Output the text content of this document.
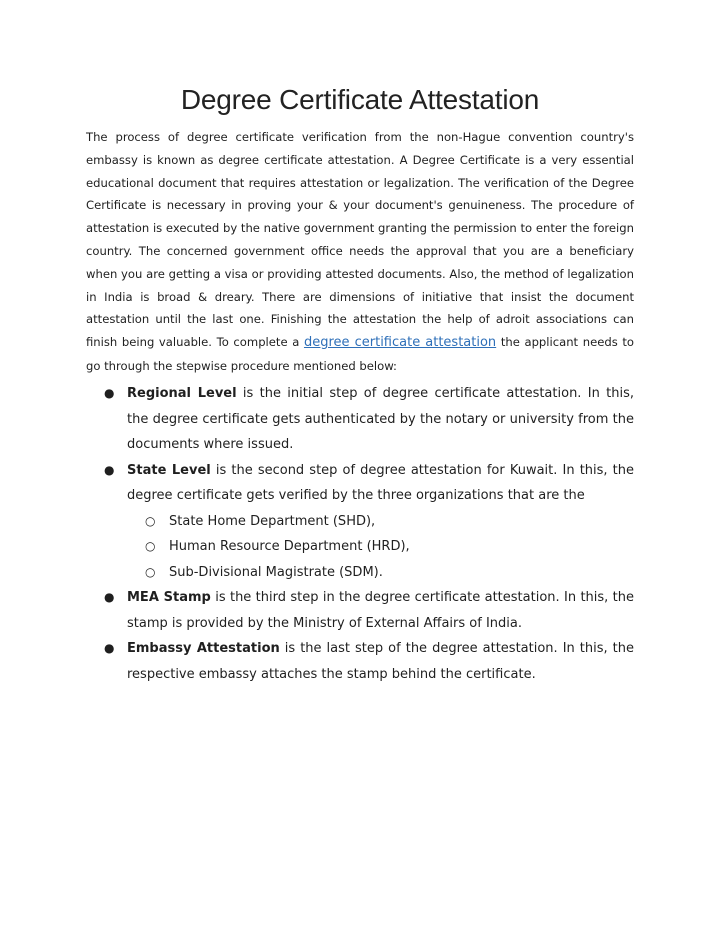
Degree Certificate Attestation

The process of degree certificate verification from the non-Hague convention country's embassy is known as degree certificate attestation. A Degree Certificate is a very essential educational document that requires attestation or legalization. The verification of the Degree Certificate is necessary in proving your & your document's genuineness. The procedure of attestation is executed by the native government granting the permission to enter the foreign country. The concerned government office needs the approval that you are a beneficiary when you are getting a visa or providing attested documents. Also, the method of legalization in India is broad & dreary. There are dimensions of initiative that insist the document attestation until the last one. Finishing the attestation the help of adroit associations can finish being valuable. To complete a degree certificate attestation the applicant needs to go through the stepwise procedure mentioned below:

● Regional Level is the initial step of degree certificate attestation. In this, the degree certificate gets authenticated by the notary or university from the documents where issued.
● State Level is the second step of degree attestation for Kuwait. In this, the degree certificate gets verified by the three organizations that are the
○ State Home Department (SHD),
○ Human Resource Department (HRD),
○ Sub-Divisional Magistrate (SDM).
● MEA Stamp is the third step in the degree certificate attestation. In this, the stamp is provided by the Ministry of External Affairs of India.
● Embassy Attestation is the last step of the degree attestation. In this, the respective embassy attaches the stamp behind the certificate.
